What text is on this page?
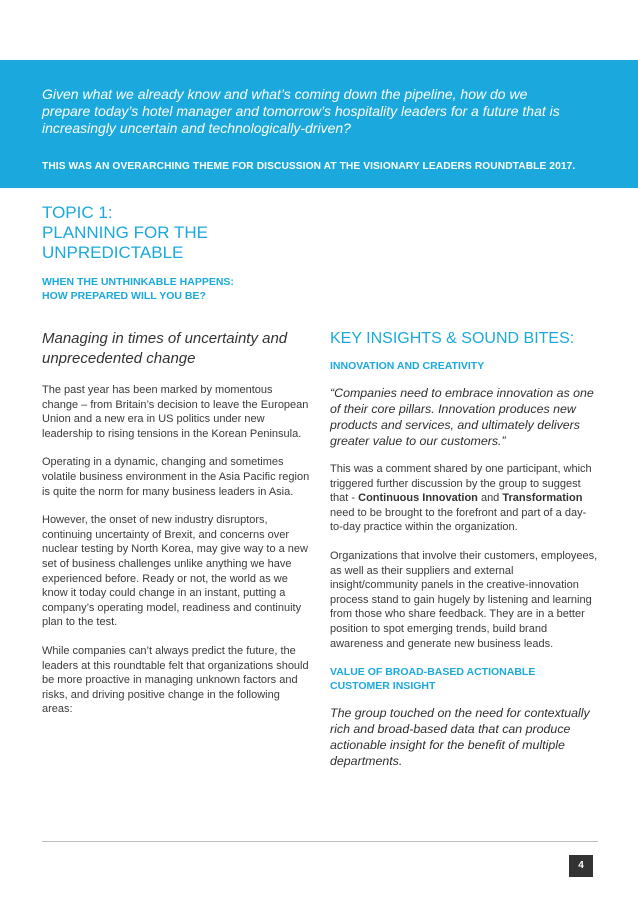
Given what we already know and what’s coming down the pipeline, how do we prepare today’s hotel manager and tomorrow’s hospitality leaders for a future that is increasingly uncertain and technologically-driven?

THIS WAS AN OVERARCHING THEME FOR DISCUSSION AT THE VISIONARY LEADERS ROUNDTABLE 2017.

TOPIC 1:
PLANNING FOR THE
UNPREDICTABLE
WHEN THE UNTHINKABLE HAPPENS:
HOW PREPARED WILL YOU BE?
Managing in times of uncertainty and unprecedented change

The past year has been marked by momentous change – from Britain’s decision to leave the European Union and a new era in US politics under new leadership to rising tensions in the Korean Peninsula.

Operating in a dynamic, changing and sometimes volatile business environment in the Asia Pacific region is quite the norm for many business leaders in Asia.

However, the onset of new industry disruptors, continuing uncertainty of Brexit, and concerns over nuclear testing by North Korea, may give way to a new set of business challenges unlike anything we have experienced before. Ready or not, the world as we know it today could change in an instant, putting a company’s operating model, readiness and continuity plan to the test.

While companies can’t always predict the future, the leaders at this roundtable felt that organizations should be more proactive in managing unknown factors and risks, and driving positive change in the following areas:

KEY INSIGHTS & SOUND BITES:
INNOVATION AND CREATIVITY

“Companies need to embrace innovation as one of their core pillars. Innovation produces new products and services, and ultimately delivers greater value to our customers.”

This was a comment shared by one participant, which triggered further discussion by the group to suggest that - Continuous Innovation and Transformation need to be brought to the forefront and part of a day-to-day practice within the organization.

Organizations that involve their customers, employees, as well as their suppliers and external insight/community panels in the creative-innovation process stand to gain hugely by listening and learning from those who share feedback. They are in a better position to spot emerging trends, build brand awareness and generate new business leads.

VALUE OF BROAD-BASED ACTIONABLE CUSTOMER INSIGHT

The group touched on the need for contextually rich and broad-based data that can produce actionable insight for the benefit of multiple departments.

4
